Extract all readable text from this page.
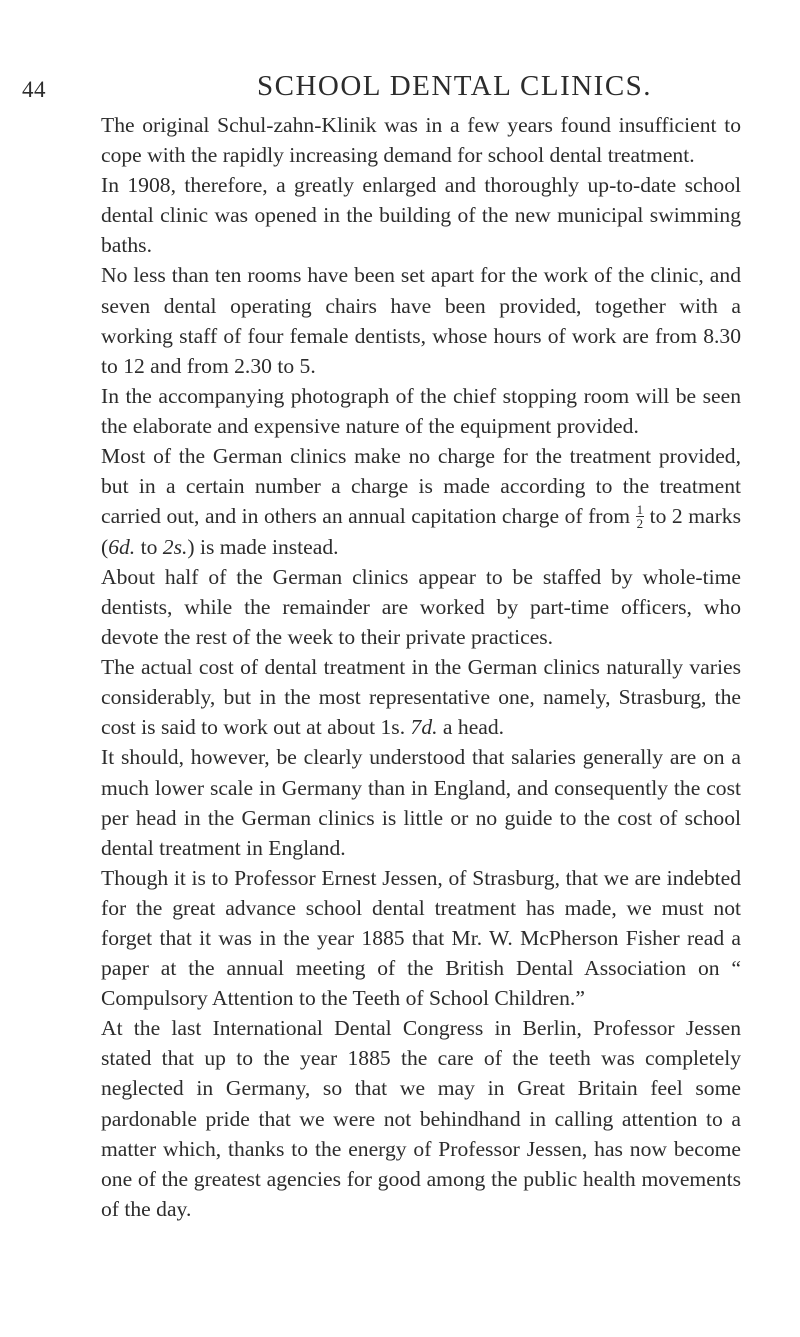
44	SCHOOL DENTAL CLINICS.

The original Schul-zahn-Klinik was in a few years found insufficient to cope with the rapidly increasing demand for school dental treatment.

In 1908, therefore, a greatly enlarged and thoroughly up-to-date school dental clinic was opened in the building of the new municipal swimming baths.

No less than ten rooms have been set apart for the work of the clinic, and seven dental operating chairs have been provided, together with a working staff of four female dentists, whose hours of work are from 8.30 to 12 and from 2.30 to 5.

In the accompanying photograph of the chief stopping room will be seen the elaborate and expensive nature of the equipment provided.

Most of the German clinics make no charge for the treatment provided, but in a certain number a charge is made according to the treatment carried out, and in others an annual capitation charge of from $\frac{1}{2}$ to 2 marks (6d. to 2s.) is made instead.

About half of the German clinics appear to be staffed by whole-time dentists, while the remainder are worked by part-time officers, who devote the rest of the week to their private practices.

The actual cost of dental treatment in the German clinics naturally varies considerably, but in the most representative one, namely, Strasburg, the cost is said to work out at about 1s. 7d. a head.

It should, however, be clearly understood that salaries generally are on a much lower scale in Germany than in England, and consequently the cost per head in the German clinics is little or no guide to the cost of school dental treatment in England.

Though it is to Professor Ernest Jessen, of Strasburg, that we are indebted for the great advance school dental treatment has made, we must not forget that it was in the year 1885 that Mr. W. McPherson Fisher read a paper at the annual meeting of the British Dental Association on “ Compulsory Attention to the Teeth of School Children.”

At the last International Dental Congress in Berlin, Professor Jessen stated that up to the year 1885 the care of the teeth was completely neglected in Germany, so that we may in Great Britain feel some pardonable pride that we were not behindhand in calling attention to a matter which, thanks to the energy of Professor Jessen, has now become one of the greatest agencies for good among the public health movements of the day.
